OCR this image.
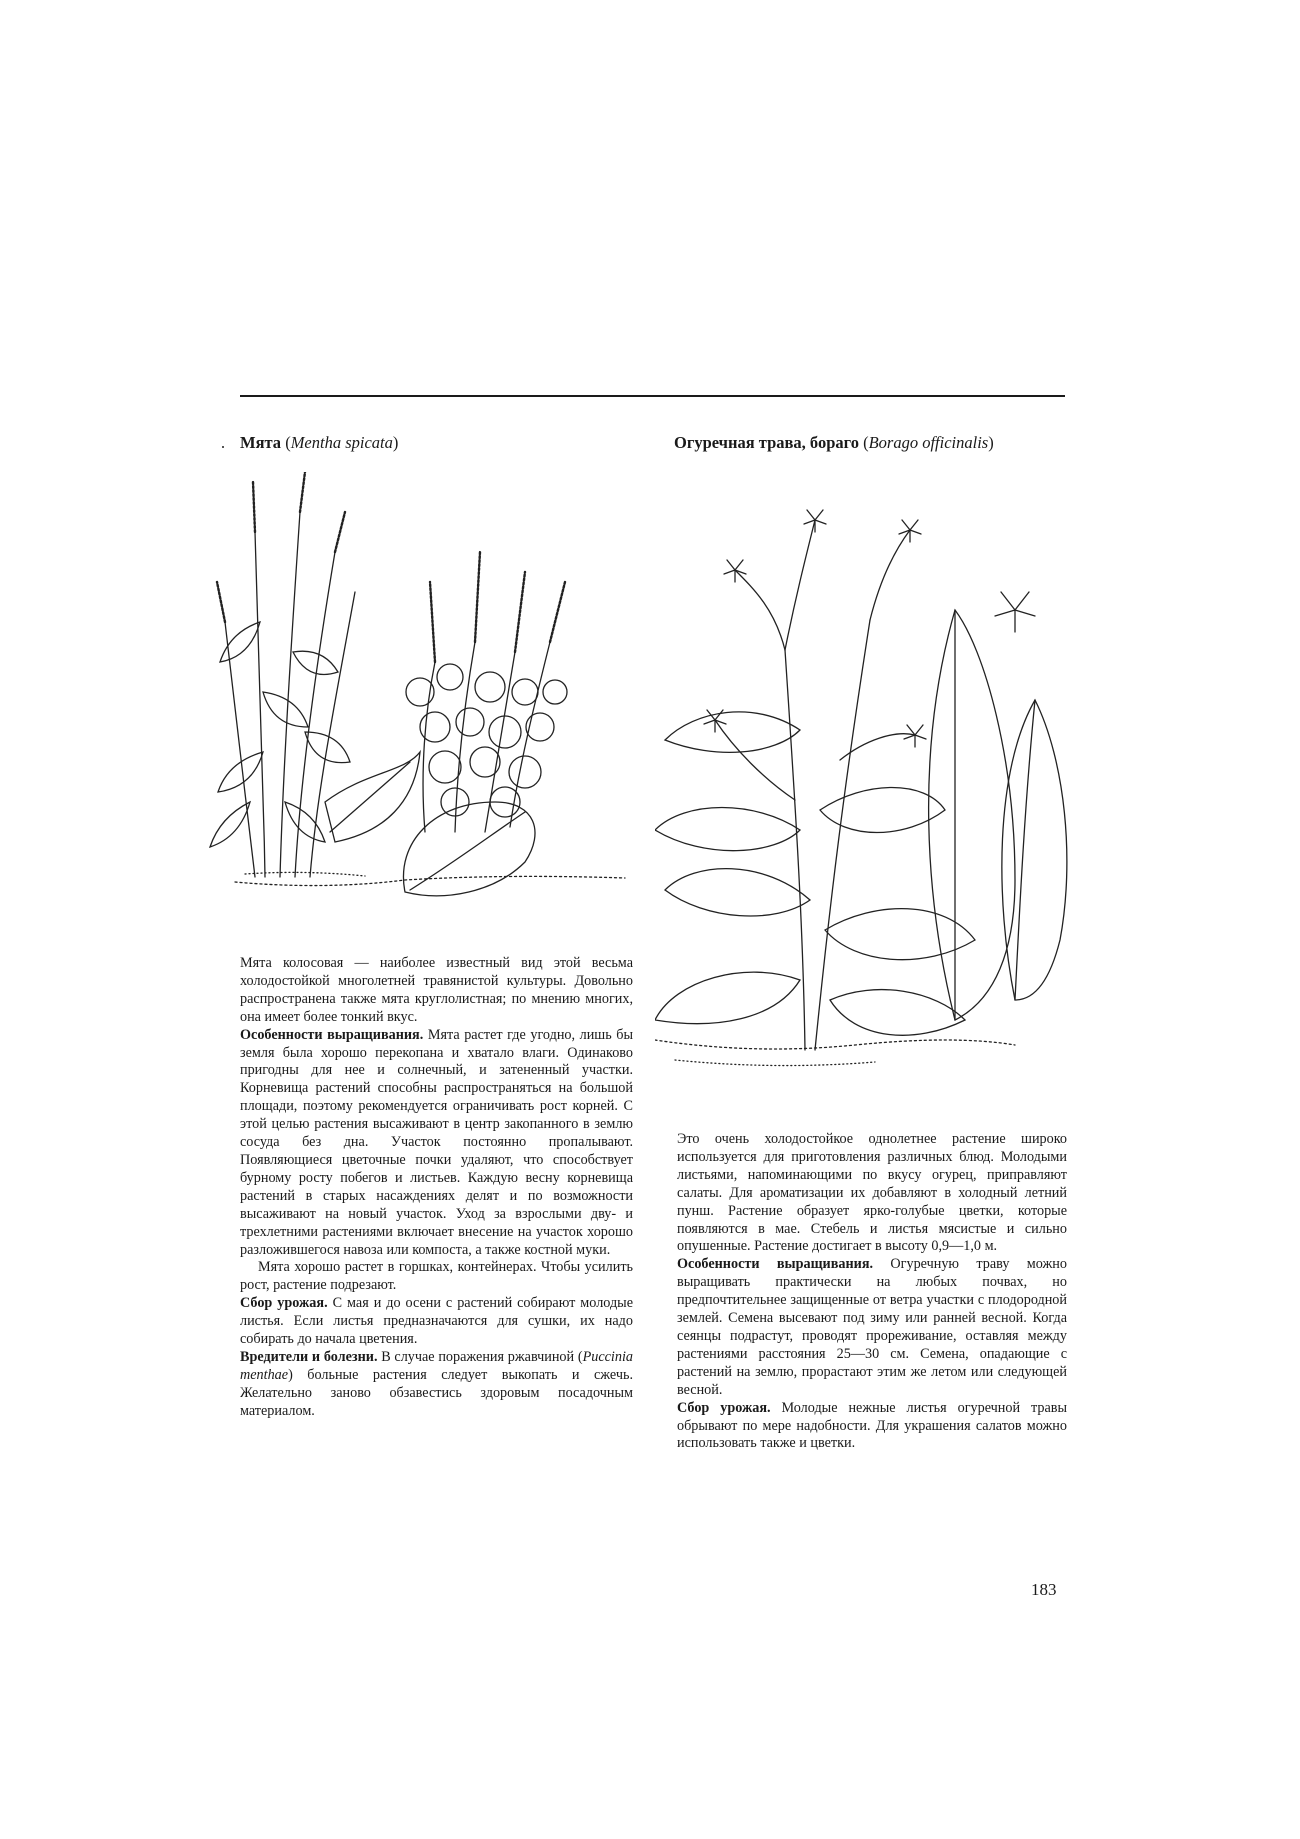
Мята (Mentha spicata)	Огуречная трава, бораго (Borago officinalis)

Мята колосовая — наиболее известный вид этой весьма холодостойкой многолетней травянистой культуры. Довольно распространена также мята круглолистная; по мнению многих, она имеет более тонкий вкус.

Особенности выращивания. Мята растет где угодно, лишь бы земля была хорошо перекопана и хватало влаги. Одинаково пригодны для нее и солнечный, и затененный участки. Корневища растений способны распространяться на большой площади, поэтому рекомендуется ограничивать рост корней. С этой целью растения высаживают в центр закопанного в землю сосуда без дна. Участок постоянно пропалывают. Появляющиеся цветочные почки удаляют, что способствует бурному росту побегов и листьев. Каждую весну корневища растений в старых насаждениях делят и по возможности высаживают на новый участок. Уход за взрослыми дву- и трехлетними растениями включает внесение на участок хорошо разложившегося навоза или компоста, а также костной муки.

Мята хорошо растет в горшках, контейнерах. Чтобы усилить рост, растение подрезают.

Сбор урожая. С мая и до осени с растений собирают молодые листья. Если листья предназначаются для сушки, их надо собирать до начала цветения.

Вредители и болезни. В случае поражения ржавчиной (Puccinia menthae) больные растения следует выкопать и сжечь. Желательно заново обзавестись здоровым посадочным материалом.

Это очень холодостойкое однолетнее растение широко используется для приготовления различных блюд. Молодыми листьями, напоминающими по вкусу огурец, приправляют салаты. Для ароматизации их добавляют в холодный летний пунш. Растение образует ярко-голубые цветки, которые появляются в мае. Стебель и листья мясистые и сильно опушенные. Растение достигает в высоту 0,9—1,0 м.

Особенности выращивания. Огуречную траву можно выращивать практически на любых почвах, но предпочтительнее защищенные от ветра участки с плодородной землей. Семена высевают под зиму или ранней весной. Когда сеянцы подрастут, проводят прореживание, оставляя между растениями расстояния 25—30 см. Семена, опадающие с растений на землю, прорастают этим же летом или следующей весной.

Сбор урожая. Молодые нежные листья огуречной травы обрывают по мере надобности. Для украшения салатов можно использовать также и цветки.

183
